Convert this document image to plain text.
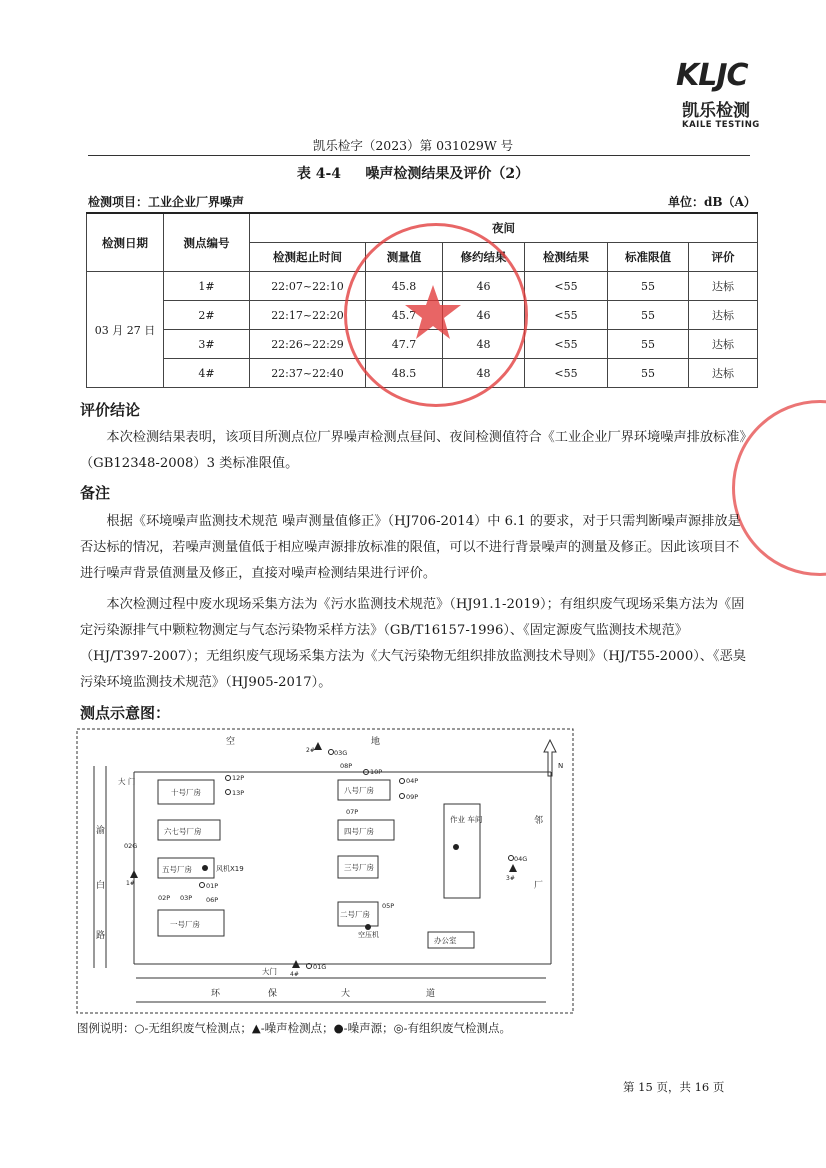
KLJC
凯乐检测
KAILE TESTING
凯乐检字（2023）第 031029W 号
表 4-4     噪声检测结果及评价（2）
检测项目：工业企业厂界噪声	单位：dB（A）
检测日期	测点编号	夜间					
		检测起止时间	测量值	修约结果	检测结果	标准限值	评价
03 月 27 日	1#	22:07~22:10	45.8	46	<55	55	达标
	2#	22:17~22:20	45.7	46	<55	55	达标
	3#	22:26~22:29	47.7	48	<55	55	达标
	4#	22:37~22:40	48.5	48	<55	55	达标
评价结论
本次检测结果表明，该项目所测点位厂界噪声检测点昼间、夜间检测值符合《工业企业厂界环境噪声排放标准》（GB12348-2008）3 类标准限值。
备注
根据《环境噪声监测技术规范 噪声测量值修正》（HJ706-2014）中 6.1 的要求，对于只需判断噪声源排放是否达标的情况，若噪声测量值低于相应噪声源排放标准的限值，可以不进行背景噪声的测量及修正。因此该项目不进行噪声背景值测量及修正，直接对噪声检测结果进行评价。
本次检测过程中废水现场采集方法为《污水监测技术规范》（HJ91.1-2019）；有组织废气现场采集方法为《固定污染源排气中颗粒物测定与气态污染物采样方法》（GB/T16157-1996）、《固定源废气监测技术规范》（HJ/T397-2007）；无组织废气现场采集方法为《大气污染物无组织排放监测技术导则》（HJ/T55-2000）、《恶臭污染环境监测技术规范》（HJ905-2017）。
测点示意图：
空	地
渝
白
路
环	保	大	道
邻
厂
N
大 门
大门
十号厂房
六七号厂房
五号厂房
一号厂房
八号厂房
四号厂房
三号厂房
二号厂房
作业 车间
办公室
12P
13P
01P
02P 03P 06P
08P
10P
04P
09P
07P
05P
02G
03G
04G
01G
1#
2#
3#
4#
风机X19
空压机
图例说明：○-无组织废气检测点；▲-噪声检测点；●-噪声源；◎-有组织废气检测点。
第 15 页，共 16 页
